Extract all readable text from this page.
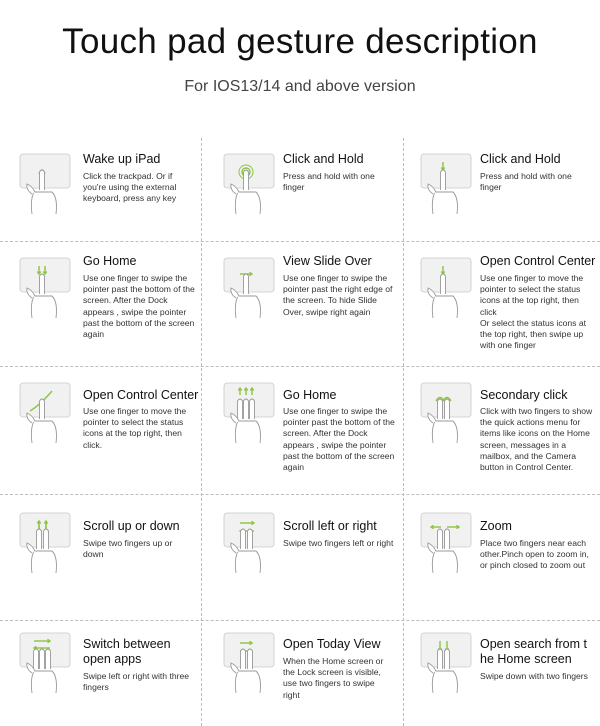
Touch pad gesture description
For IOS13/14 and above version
Wake up iPad
Click the trackpad. Or if you're using the external keyboard, press any key
Click and Hold
Press and hold with one finger
Click and Hold
Press and hold with one finger
Go Home
Use one finger to swipe the pointer past the bottom of the screen. After the Dock appears , swipe the pointer past the bottom of the screen again
View Slide Over
Use one finger to swipe the pointer past the right edge of the screen. To hide Slide Over, swipe right again
Open Control Center
Use one finger to move the pointer to select the status icons at the top right, then click
Or select the status icons at the top right, then swipe up with one finger
Open Control Center
Use one finger to move the pointer to select the status icons at the top right, then click.
Go Home
Use one finger to swipe the pointer past the bottom of the screen. After the Dock appears , swipe the pointer past the bottom of the screen again
Secondary click
Click with two fingers to show the quick actions menu for items like icons on the Home screen, messages in a mailbox, and the Camera button in Control Center.
Scroll up or down
Swipe two fingers up or down
Scroll left or right
Swipe two fingers left or right
Zoom
Place two fingers near each other.Pinch open to zoom in, or pinch closed to zoom out
Switch between open apps
Swipe left or right with three fingers
Open Today View
When the Home screen or the Lock screen is visible, use two fingers to swipe right
Open search from t he Home screen
Swipe down with two fingers
